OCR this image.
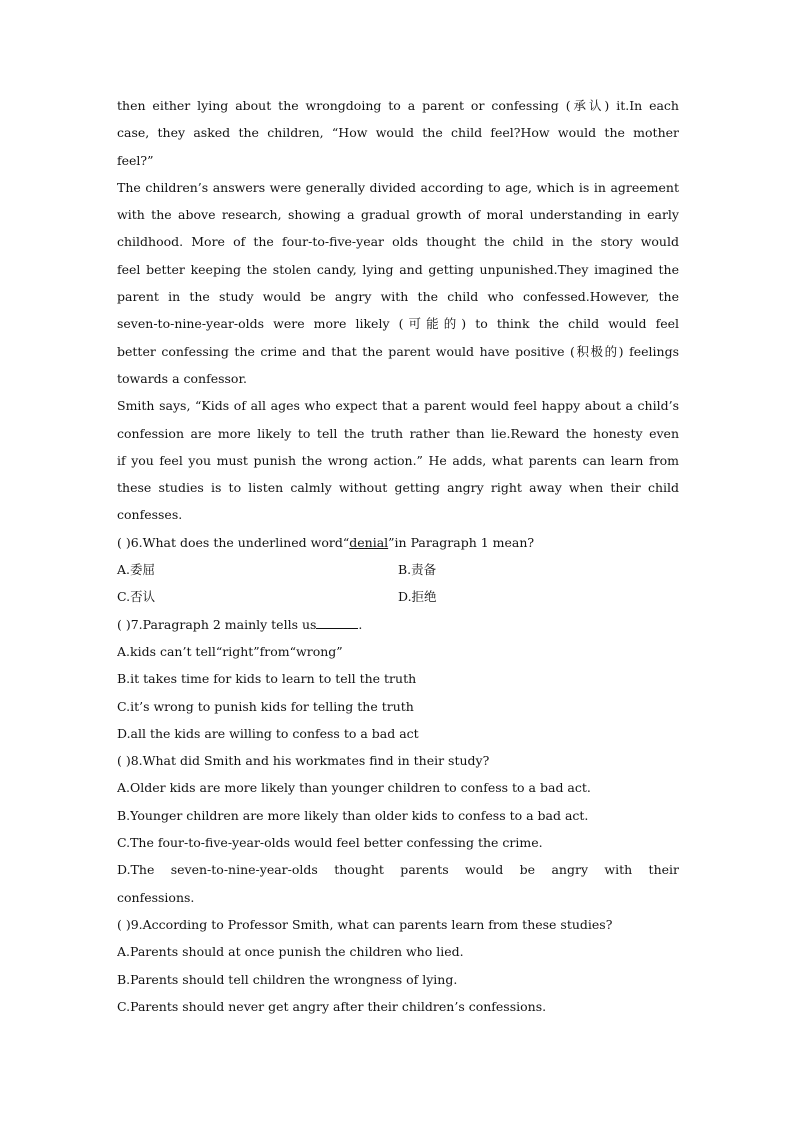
then either lying about the wrongdoing to a parent or confessing (承认) it.In each
case, they asked the children, “How would the child feel?How would the mother
feel?”
The children’s answers were generally divided according to age, which is in agreement
with the above research, showing a gradual growth of moral understanding in early
childhood. More of the four-to-five-year olds thought the child in the story would
feel better keeping the stolen candy, lying and getting unpunished.They imagined the
parent in the study would be angry with the child who confessed.However, the
seven-to-nine-year-olds were more likely (可能的) to think the child would feel
better confessing the crime and that the parent would have positive (积极的) feelings
towards a confessor.
Smith says, “Kids of all ages who expect that a parent would feel happy about a child’s
confession are more likely to tell the truth rather than lie.Reward the honesty even
if you feel you must punish the wrong action.” He adds, what parents can learn from
these studies is to listen calmly without getting angry right away when their child
confesses.
( )6.What does the underlined word“denial”in Paragraph 1 mean?
A.委屈	B.责备
C.否认	D.拒绝
( )7.Paragraph 2 mainly tells us	.
A.kids can’t tell“right”from“wrong”
B.it takes time for kids to learn to tell the truth
C.it’s wrong to punish kids for telling the truth
D.all the kids are willing to confess to a bad act
( )8.What did Smith and his workmates find in their study?
A.Older kids are more likely than younger children to confess to a bad act.
B.Younger children are more likely than older kids to confess to a bad act.
C.The four-to-five-year-olds would feel better confessing the crime.
D.The seven-to-nine-year-olds thought parents would be angry with their
confessions.
( )9.According to Professor Smith, what can parents learn from these studies?
A.Parents should at once punish the children who lied.
B.Parents should tell children the wrongness of lying.
C.Parents should never get angry after their children’s confessions.
